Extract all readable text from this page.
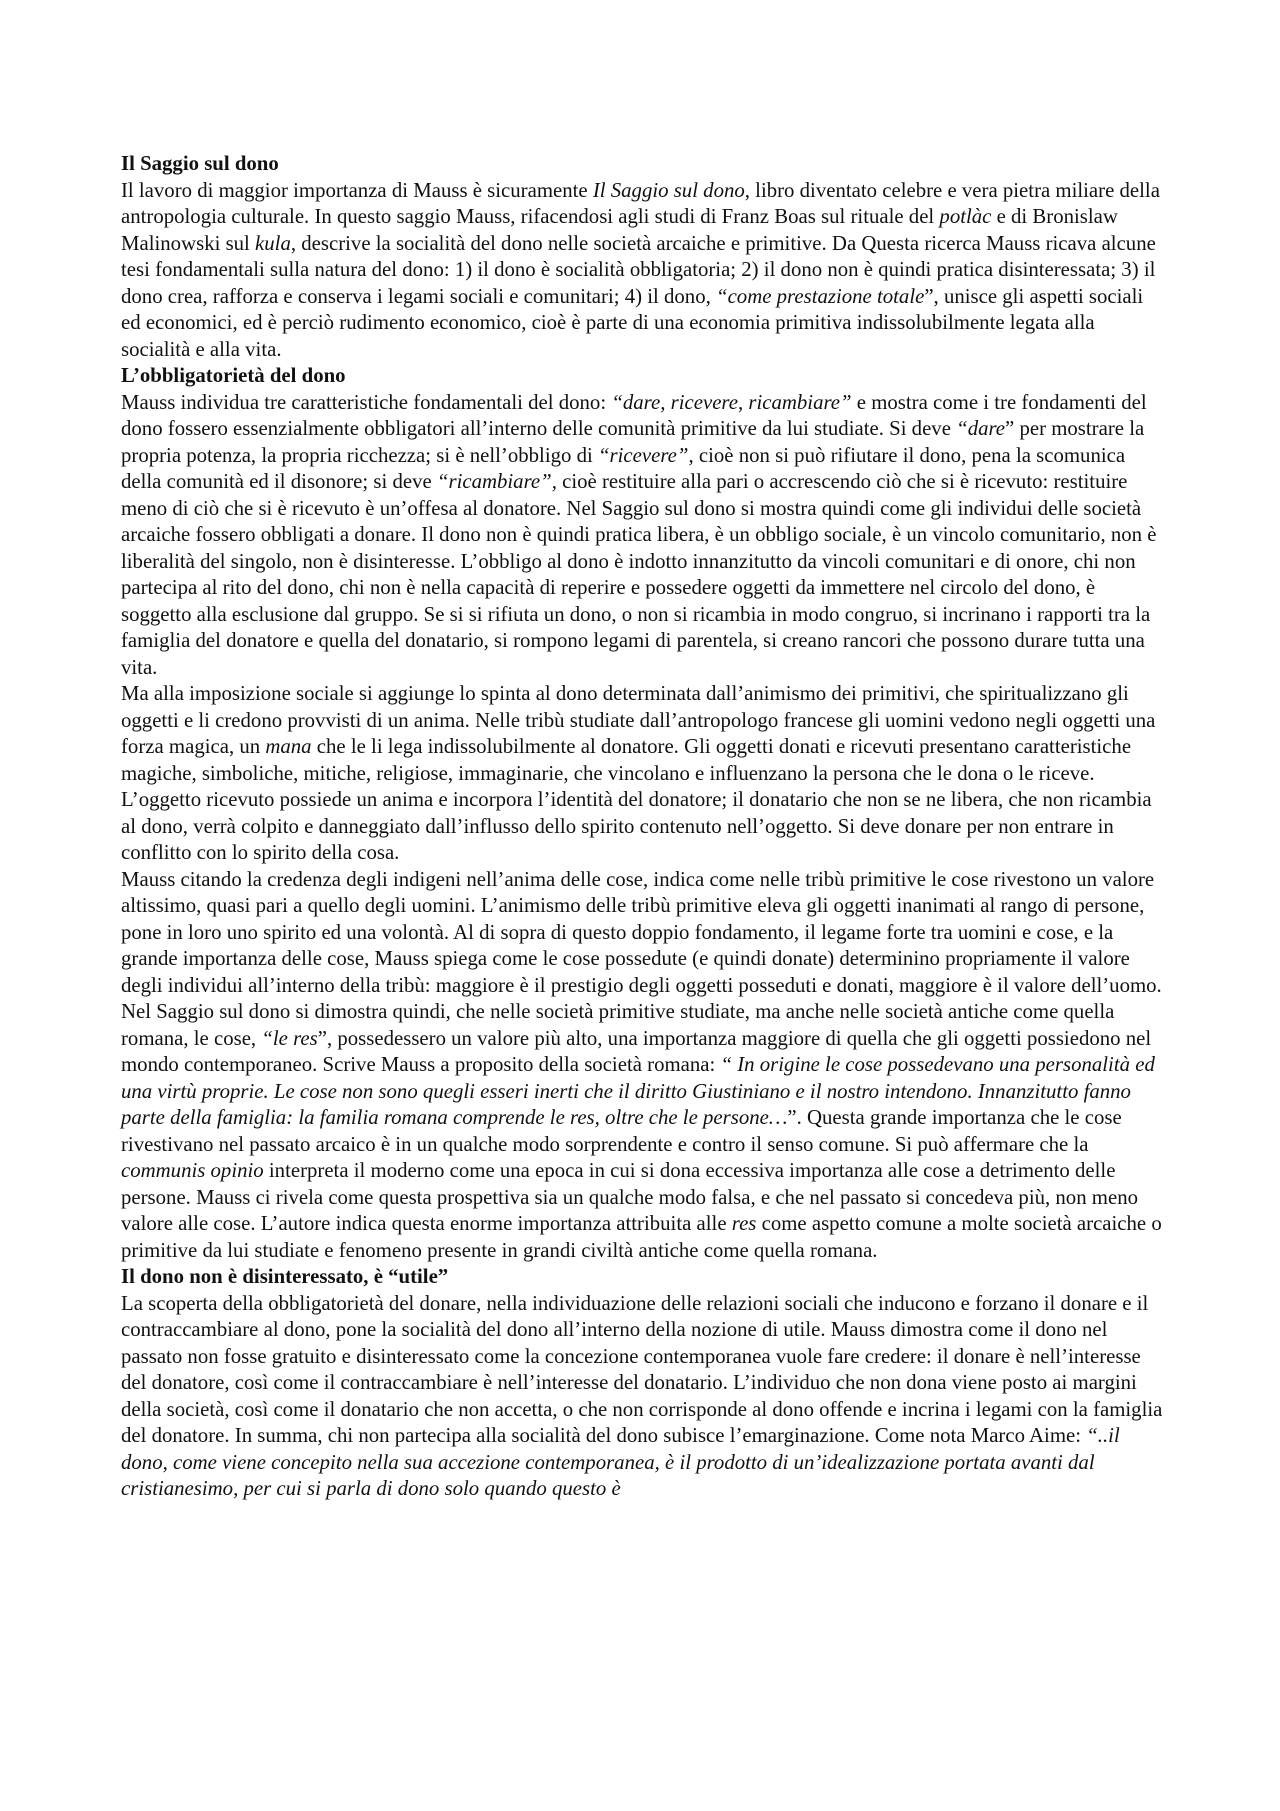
Il Saggio sul dono

Il lavoro di maggior importanza di Mauss è sicuramente Il Saggio sul dono, libro diventato celebre e vera pietra miliare della antropologia culturale. In questo saggio Mauss, rifacendosi agli studi di Franz Boas sul rituale del potlàc e di Bronislaw Malinowski sul kula, descrive la socialità del dono nelle società arcaiche e primitive. Da Questa ricerca Mauss ricava alcune tesi fondamentali sulla natura del dono: 1) il dono è socialità obbligatoria; 2) il dono non è quindi pratica disinteressata; 3) il dono crea, rafforza e conserva i legami sociali e comunitari; 4) il dono, “come prestazione totale”, unisce gli aspetti sociali ed economici, ed è perciò rudimento economico, cioè è parte di una economia primitiva indissolubilmente legata alla socialità e alla vita.

L’obbligatorietà del dono

Mauss individua tre caratteristiche fondamentali del dono: “dare, ricevere, ricambiare” e mostra come i tre fondamenti del dono fossero essenzialmente obbligatori all’interno delle comunità primitive da lui studiate. Si deve “dare” per mostrare la propria potenza, la propria ricchezza; si è nell’obbligo di “ricevere”, cioè non si può rifiutare il dono, pena la scomunica della comunità ed il disonore; si deve “ricambiare”, cioè restituire alla pari o accrescendo ciò che si è ricevuto: restituire meno di ciò che si è ricevuto è un’offesa al donatore. Nel Saggio sul dono si mostra quindi come gli individui delle società arcaiche fossero obbligati a donare. Il dono non è quindi pratica libera, è un obbligo sociale, è un vincolo comunitario, non è liberalità del singolo, non è disinteresse. L’obbligo al dono è indotto innanzitutto da vincoli comunitari e di onore, chi non partecipa al rito del dono, chi non è nella capacità di reperire e possedere oggetti da immettere nel circolo del dono, è soggetto alla esclusione dal gruppo. Se si si rifiuta un dono, o non si ricambia in modo congruo, si incrinano i rapporti tra la famiglia del donatore e quella del donatario, si rompono legami di parentela, si creano rancori che possono durare tutta una vita.

Ma alla imposizione sociale si aggiunge lo spinta al dono determinata dall’animismo dei primitivi, che spiritualizzano gli oggetti e li credono provvisti di un anima. Nelle tribù studiate dall’antropologo francese gli uomini vedono negli oggetti una forza magica, un mana che le li lega indissolubilmente al donatore. Gli oggetti donati e ricevuti presentano caratteristiche magiche, simboliche, mitiche, religiose, immaginarie, che vincolano e influenzano la persona che le dona o le riceve. L’oggetto ricevuto possiede un anima e incorpora l’identità del donatore; il donatario che non se ne libera, che non ricambia al dono, verrà colpito e danneggiato dall’influsso dello spirito contenuto nell’oggetto. Si deve donare per non entrare in conflitto con lo spirito della cosa.

Mauss citando la credenza degli indigeni nell’anima delle cose, indica come nelle tribù primitive le cose rivestono un valore altissimo, quasi pari a quello degli uomini. L’animismo delle tribù primitive eleva gli oggetti inanimati al rango di persone, pone in loro uno spirito ed una volontà. Al di sopra di questo doppio fondamento, il legame forte tra uomini e cose, e la grande importanza delle cose, Mauss spiega come le cose possedute (e quindi donate) determinino propriamente il valore degli individui all’interno della tribù: maggiore è il prestigio degli oggetti posseduti e donati, maggiore è il valore dell’uomo.

Nel Saggio sul dono si dimostra quindi, che nelle società primitive studiate, ma anche nelle società antiche come quella romana, le cose, “le res”, possedessero un valore più alto, una importanza maggiore di quella che gli oggetti possiedono nel mondo contemporaneo. Scrive Mauss a proposito della società romana: “ In origine le cose possedevano una personalità ed una virtù proprie. Le cose non sono quegli esseri inerti che il diritto Giustiniano e il nostro intendono. Innanzitutto fanno parte della famiglia: la familia romana comprende le res, oltre che le persone…”. Questa grande importanza che le cose rivestivano nel passato arcaico è in un qualche modo sorprendente e contro il senso comune. Si può affermare che la communis opinio interpreta il moderno come una epoca in cui si dona eccessiva importanza alle cose a detrimento delle persone. Mauss ci rivela come questa prospettiva sia un qualche modo falsa, e che nel passato si concedeva più, non meno valore alle cose. L’autore indica questa enorme importanza attribuita alle res come aspetto comune a molte società arcaiche o primitive da lui studiate e fenomeno presente in grandi civiltà antiche come quella romana.

Il dono non è disinteressato, è “utile”

La scoperta della obbligatorietà del donare, nella individuazione delle relazioni sociali che inducono e forzano il donare e il contraccambiare al dono, pone la socialità del dono all’interno della nozione di utile. Mauss dimostra come il dono nel passato non fosse gratuito e disinteressato come la concezione contemporanea vuole fare credere: il donare è nell’interesse del donatore, così come il contraccambiare è nell’interesse del donatario. L’individuo che non dona viene posto ai margini della società, così come il donatario che non accetta, o che non corrisponde al dono offende e incrina i legami con la famiglia del donatore. In summa, chi non partecipa alla socialità del dono subisce l’emarginazione. Come nota Marco Aime: “..il dono, come viene concepito nella sua accezione contemporanea, è il prodotto di un’idealizzazione portata avanti dal cristianesimo, per cui si parla di dono solo quando questo è
